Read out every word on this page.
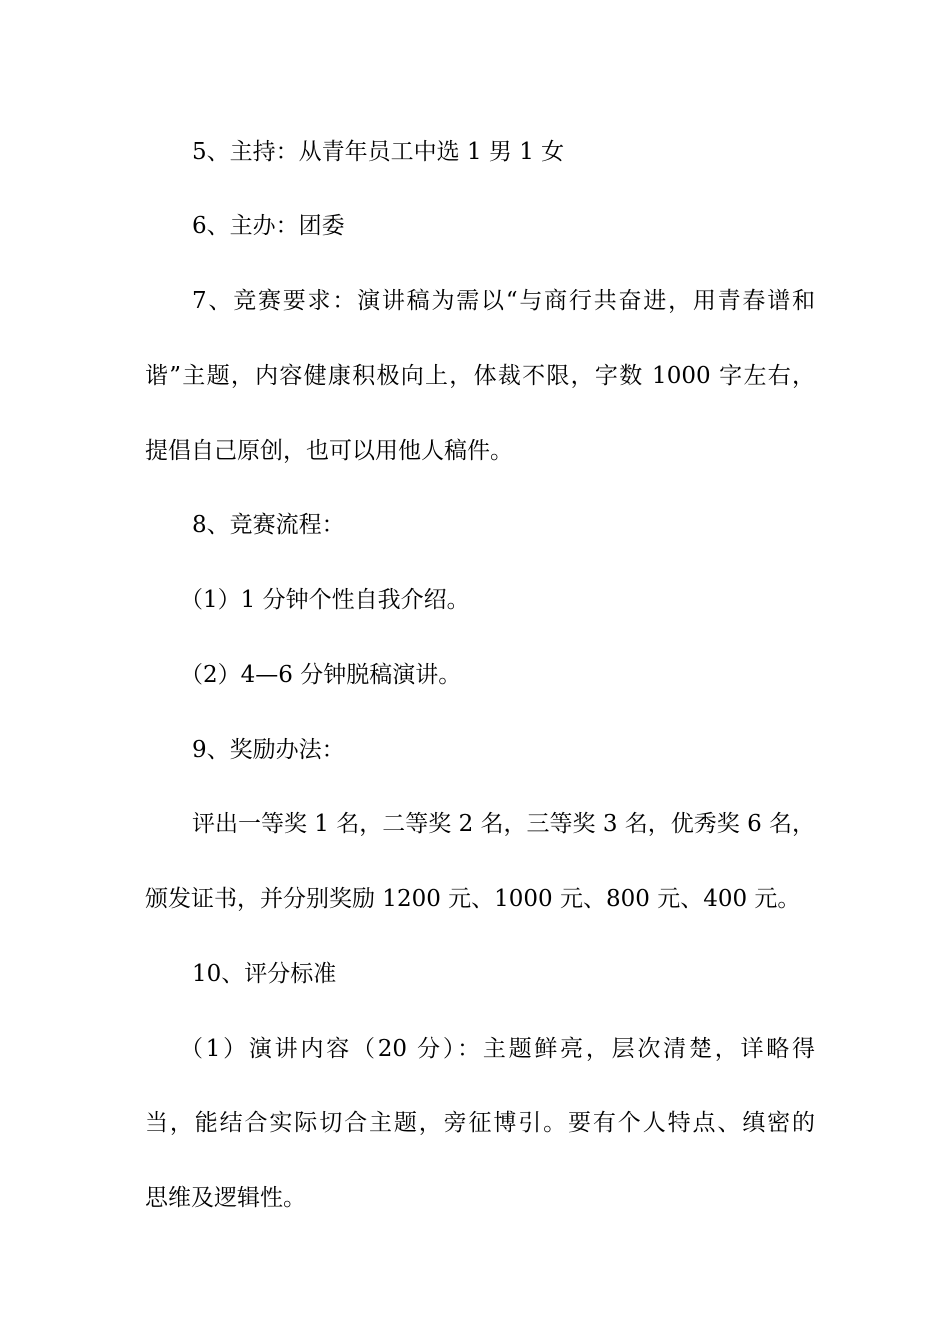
5、主持：从青年员工中选 1 男 1 女
6、主办：团委
7、竞赛要求：演讲稿为需以“与商行共奋进，用青春谱和
谐”主题，内容健康积极向上，体裁不限，字数 1000 字左右，
提倡自己原创，也可以用他人稿件。
8、竞赛流程：
（1）1 分钟个性自我介绍。
（2）4—6 分钟脱稿演讲。
9、奖励办法：
评出一等奖 1 名，二等奖 2 名，三等奖 3 名，优秀奖 6 名，
颁发证书，并分别奖励 1200 元、1000 元、800 元、400 元。
10、评分标准
（1）演讲内容（20 分）：主题鲜亮，层次清楚，详略得
当，能结合实际切合主题，旁征博引。要有个人特点、缜密的
思维及逻辑性。
